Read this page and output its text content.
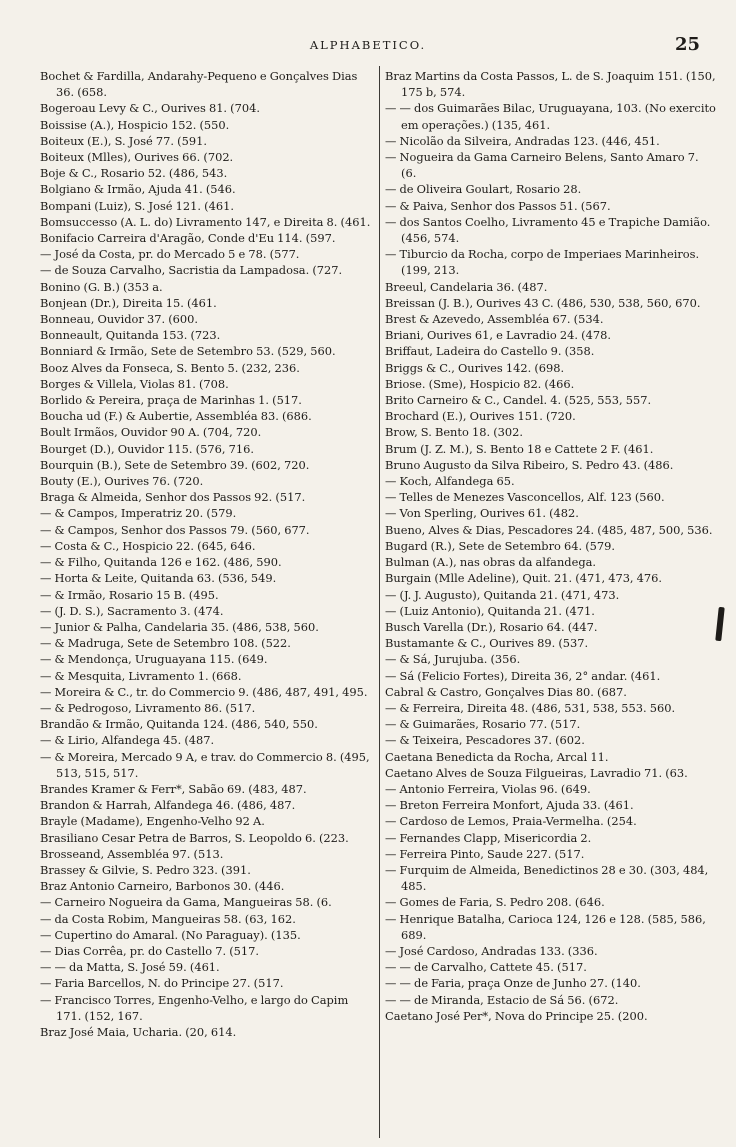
ALPHABETICO.	25
Bochet & Fardilla, Andarahy-Pequeno e Gonçalves Dias 36. (658.
Bogeroau Levy & C., Ourives 81. (704.
Boissise (A.), Hospicio 152. (550.
Boiteux (E.), S. José 77. (591.
Boiteux (Mlles), Ourives 66. (702.
Boje & C., Rosario 52. (486, 543.
Bolgiano & Irmão, Ajuda 41. (546.
Bompani (Luiz), S. José 121. (461.
Bomsuccesso (A. L. do) Livramento 147, e Direita 8. (461.
Bonifacio Carreira d'Aragão, Conde d'Eu 114. (597.
— José da Costa, pr. do Mercado 5 e 78. (577.
— de Souza Carvalho, Sacristia da Lampadosa. (727.
Bonino (G. B.) (353 a.
Bonjean (Dr.), Direita 15. (461.
Bonneau, Ouvidor 37. (600.
Bonneault, Quitanda 153. (723.
Bonniard & Irmão, Sete de Setembro 53. (529, 560.
Booz Alves da Fonseca, S. Bento 5. (232, 236.
Borges & Villela, Violas 81. (708.
Borlido & Pereira, praça de Marinhas 1. (517.
Boucha ud (F.) & Aubertie, Assembléa 83. (686.
Boult Irmãos, Ouvidor 90 A. (704, 720.
Bourget (D.), Ouvidor 115. (576, 716.
Bourquin (B.), Sete de Setembro 39. (602, 720.
Bouty (E.), Ourives 76. (720.
Braga & Almeida, Senhor dos Passos 92. (517.
— & Campos, Imperatriz 20. (579.
— & Campos, Senhor dos Passos 79. (560, 677.
— Costa & C., Hospicio 22. (645, 646.
— & Filho, Quitanda 126 e 162. (486, 590.
— Horta & Leite, Quitanda 63. (536, 549.
— & Irmão, Rosario 15 B. (495.
— (J. D. S.), Sacramento 3. (474.
— Junior & Palha, Candelaria 35. (486, 538, 560.
— & Madruga, Sete de Setembro 108. (522.
— & Mendonça, Uruguayana 115. (649.
— & Mesquita, Livramento 1. (668.
— Moreira & C., tr. do Commercio 9. (486, 487, 491, 495.
— & Pedrogoso, Livramento 86. (517.
Brandão & Irmão, Quitanda 124. (486, 540, 550.
— & Lirio, Alfandega 45. (487.
— & Moreira, Mercado 9 A, e trav. do Commercio 8. (495, 513, 515, 517.
Brandes Kramer & Ferr*, Sabão 69. (483, 487.
Brandon & Harrah, Alfandega 46. (486, 487.
Brayle (Madame), Engenho-Velho 92 A.
Brasiliano Cesar Petra de Barros, S. Leopoldo 6. (223.
Brosseand, Assembléa 97. (513.
Brassey & Gilvie, S. Pedro 323. (391.
Braz Antonio Carneiro, Barbonos 30. (446.
— Carneiro Nogueira da Gama, Mangueiras 58. (6.
— da Costa Robim, Mangueiras 58. (63, 162.
— Cupertino do Amaral. (No Paraguay). (135.
— Dias Corrêa, pr. do Castello 7. (517.
— — da Matta, S. José 59. (461.
— Faria Barcellos, N. do Principe 27. (517.
— Francisco Torres, Engenho-Velho, e largo do Capim 171. (152, 167.
Braz José Maia, Ucharia. (20, 614.
Braz Martins da Costa Passos, L. de S. Joaquim 151. (150, 175 b, 574.
— — dos Guimarães Bilac, Uruguayana, 103. (No exercito em operações.) (135, 461.
— Nicolão da Silveira, Andradas 123. (446, 451.
— Nogueira da Gama Carneiro Belens, Santo Amaro 7. (6.
— de Oliveira Goulart, Rosario 28.
— & Paiva, Senhor dos Passos 51. (567.
— dos Santos Coelho, Livramento 45 e Trapiche Damião. (456, 574.
— Tiburcio da Rocha, corpo de Imperiaes Marinheiros. (199, 213.
Breeul, Candelaria 36. (487.
Breissan (J. B.), Ourives 43 C. (486, 530, 538, 560, 670.
Brest & Azevedo, Assembléa 67. (534.
Briani, Ourives 61, e Lavradio 24. (478.
Briffaut, Ladeira do Castello 9. (358.
Briggs & C., Ourives 142. (698.
Briose. (Sme), Hospicio 82. (466.
Brito Carneiro & C., Candel. 4. (525, 553, 557.
Brochard (E.), Ourives 151. (720.
Brow, S. Bento 18. (302.
Brum (J. Z. M.), S. Bento 18 e Cattete 2 F. (461.
Bruno Augusto da Silva Ribeiro, S. Pedro 43. (486.
— Koch, Alfandega 65.
— Telles de Menezes Vasconcellos, Alf. 123 (560.
— Von Sperling, Ourives 61. (482.
Bueno, Alves & Dias, Pescadores 24. (485, 487, 500, 536.
Bugard (R.), Sete de Setembro 64. (579.
Bulman (A.), nas obras da alfandega.
Burgain (Mlle Adeline), Quit. 21. (471, 473, 476.
— (J. J. Augusto), Quitanda 21. (471, 473.
— (Luiz Antonio), Quitanda 21. (471.
Busch Varella (Dr.), Rosario 64. (447.
Bustamante & C., Ourives 89. (537.
— & Sá, Jurujuba. (356.
— Sá (Felicio Fortes), Direita 36, 2° andar. (461.
Cabral & Castro, Gonçalves Dias 80. (687.
— & Ferreira, Direita 48. (486, 531, 538, 553. 560.
— & Guimarães, Rosario 77. (517.
— & Teixeira, Pescadores 37. (602.
Caetana Benedicta da Rocha, Arcal 11.
Caetano Alves de Souza Filgueiras, Lavradio 71. (63.
— Antonio Ferreira, Violas 96. (649.
— Breton Ferreira Monfort, Ajuda 33. (461.
— Cardoso de Lemos, Praia-Vermelha. (254.
— Fernandes Clapp, Misericordia 2.
— Ferreira Pinto, Saude 227. (517.
— Furquim de Almeida, Benedictinos 28 e 30. (303, 484, 485.
— Gomes de Faria, S. Pedro 208. (646.
— Henrique Batalha, Carioca 124, 126 e 128. (585, 586, 689.
— José Cardoso, Andradas 133. (336.
— — de Carvalho, Cattete 45. (517.
— — de Faria, praça Onze de Junho 27. (140.
— — de Miranda, Estacio de Sá 56. (672.
Caetano José Per*, Nova do Principe 25. (200.
